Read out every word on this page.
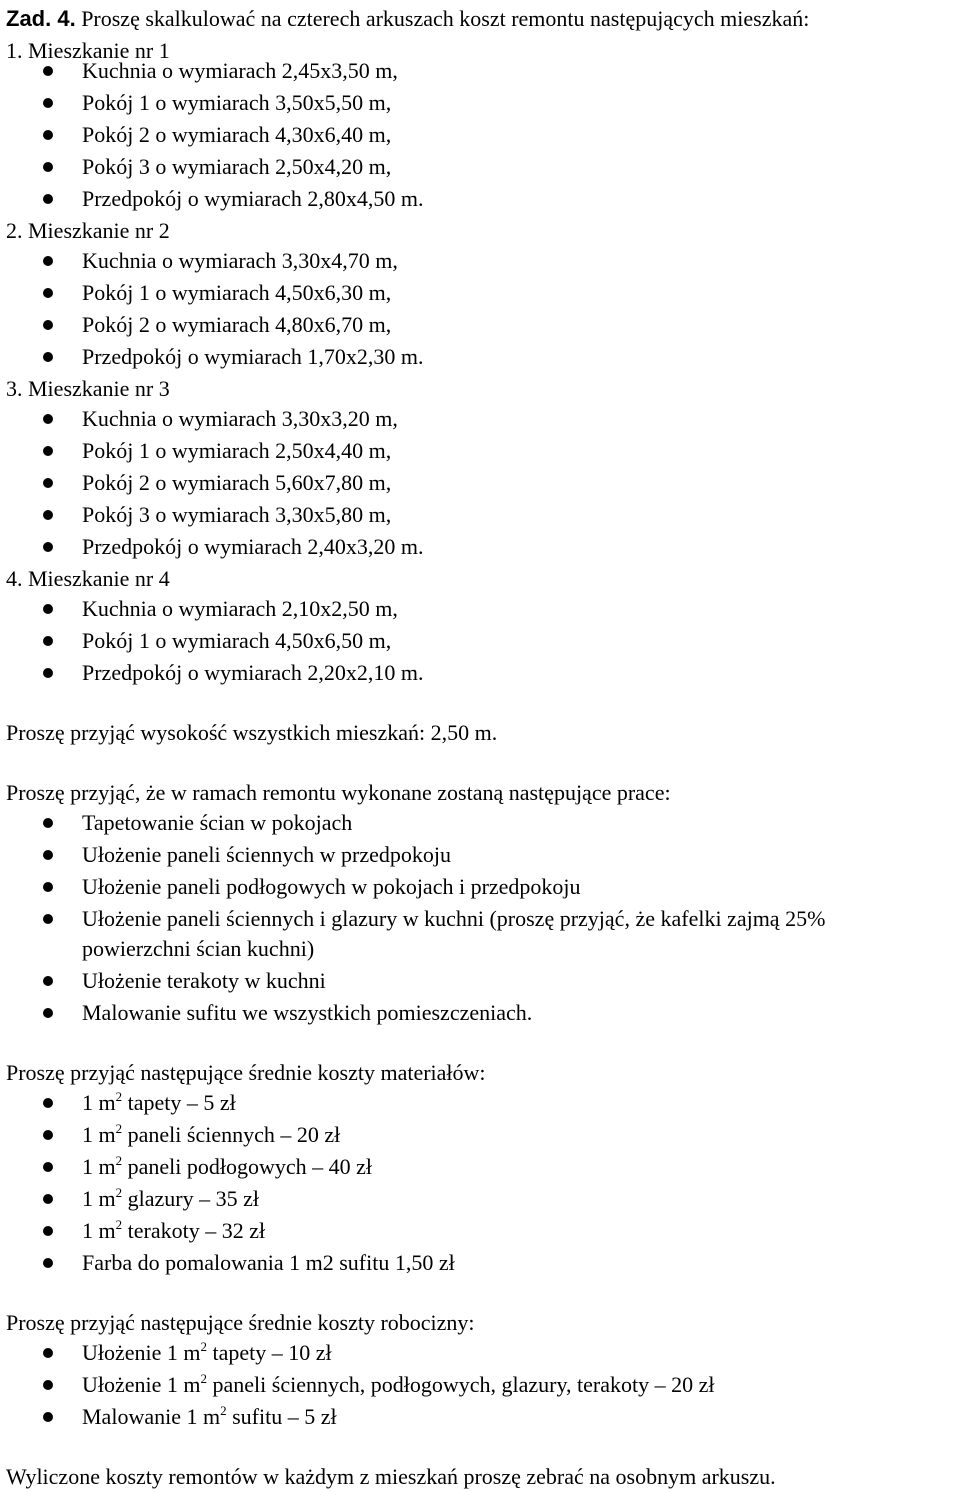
Zad. 4. Proszę skalkulować na czterech arkuszach koszt remontu następujących mieszkań:
1. Mieszkanie nr 1
Kuchnia o wymiarach 2,45x3,50 m,
Pokój 1 o wymiarach 3,50x5,50 m,
Pokój 2 o wymiarach 4,30x6,40 m,
Pokój 3 o wymiarach 2,50x4,20 m,
Przedpokój o wymiarach 2,80x4,50 m.
2. Mieszkanie nr 2
Kuchnia o wymiarach 3,30x4,70 m,
Pokój 1 o wymiarach 4,50x6,30 m,
Pokój 2 o wymiarach 4,80x6,70 m,
Przedpokój o wymiarach 1,70x2,30 m.
3. Mieszkanie nr 3
Kuchnia o wymiarach 3,30x3,20 m,
Pokój 1 o wymiarach 2,50x4,40 m,
Pokój 2 o wymiarach 5,60x7,80 m,
Pokój 3 o wymiarach 3,30x5,80 m,
Przedpokój o wymiarach 2,40x3,20 m.
4. Mieszkanie nr 4
Kuchnia o wymiarach 2,10x2,50 m,
Pokój 1 o wymiarach 4,50x6,50 m,
Przedpokój o wymiarach 2,20x2,10 m.
Proszę przyjąć wysokość wszystkich mieszkań: 2,50 m.
Proszę przyjąć, że w ramach remontu wykonane zostaną następujące prace:
Tapetowanie ścian w pokojach
Ułożenie paneli ściennych w przedpokoju
Ułożenie paneli podłogowych w pokojach i przedpokoju
Ułożenie paneli ściennych i glazury w kuchni (proszę przyjąć, że kafelki zajmą 25%
powierzchni ścian kuchni)
Ułożenie terakoty w kuchni
Malowanie sufitu we wszystkich pomieszczeniach.
Proszę przyjąć następujące średnie koszty materiałów:
1 $m^2$ tapety – 5 zł
1 $m^2$ paneli ściennych – 20 zł
1 $m^2$ paneli podłogowych – 40 zł
1 $m^2$ glazury – 35 zł
1 $m^2$ terakoty – 32 zł
Farba do pomalowania 1 m2 sufitu 1,50 zł
Proszę przyjąć następujące średnie koszty robocizny:
Ułożenie 1 $m^2$ tapety – 10 zł
Ułożenie 1 $m^2$ paneli ściennych, podłogowych, glazury, terakoty – 20 zł
Malowanie 1 $m^2$ sufitu – 5 zł
Wyliczone koszty remontów w każdym z mieszkań proszę zebrać na osobnym arkuszu.
